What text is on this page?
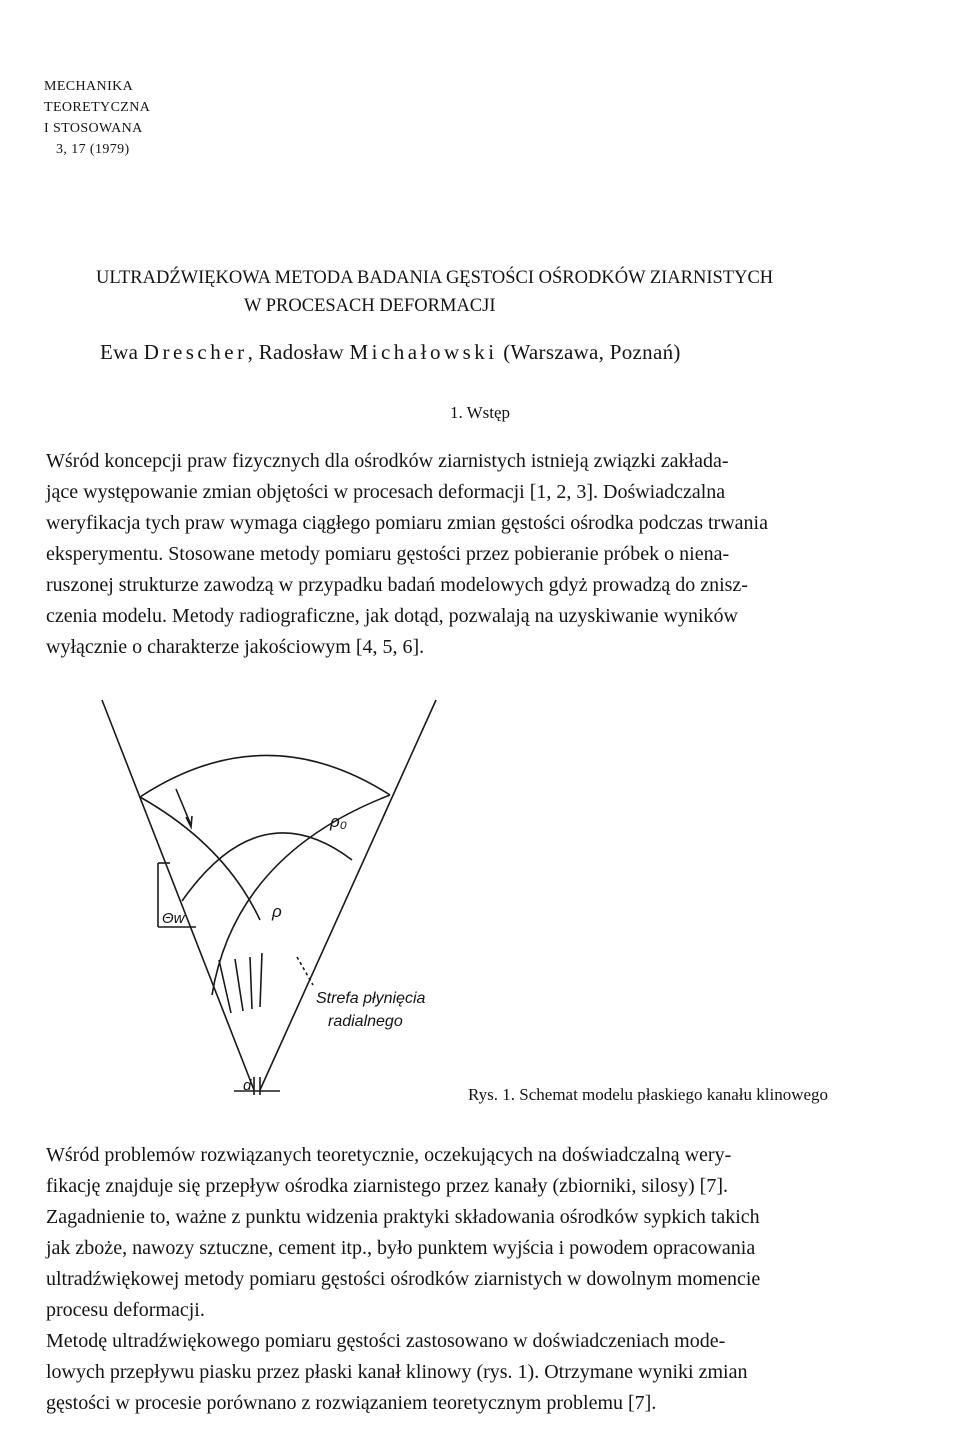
MECHANIKA
TEORETYCZNA
I STOSOWANA
3, 17 (1979)
ULTRADŹWIĘKOWA METODA BADANIA GĘSTOŚCI OŚRODKÓW ZIARNISTYCH
W PROCESACH DEFORMACJI
Ewa Drescher, Radosław Michałowski (Warszawa, Poznań)
1. Wstęp
Wśród koncepcji praw fizycznych dla ośrodków ziarnistych istnieją związki zakłada-
jące występowanie zmian objętości w procesach deformacji [1, 2, 3]. Doświadczalna
weryfikacja tych praw wymaga ciągłego pomiaru zmian gęstości ośrodka podczas trwania
eksperymentu. Stosowane metody pomiaru gęstości przez pobieranie próbek o niena-
ruszonej strukturze zawodzą w przypadku badań modelowych gdyż prowadzą do znisz-
czenia modelu. Metody radiograficzne, jak dotąd, pozwalają na uzyskiwanie wyników
wyłącznie o charakterze jakościowym [4, 5, 6].
ρ₀
ρ
Θw
Strefa płynięcia
radialnego
d	Rys. 1. Schemat modelu płaskiego kanału klinowego
Wśród problemów rozwiązanych teoretycznie, oczekujących na doświadczalną wery-
fikację znajduje się przepływ ośrodka ziarnistego przez kanały (zbiorniki, silosy) [7].
Zagadnienie to, ważne z punktu widzenia praktyki składowania ośrodków sypkich takich
jak zboże, nawozy sztuczne, cement itp., było punktem wyjścia i powodem opracowania
ultradźwiękowej metody pomiaru gęstości ośrodków ziarnistych w dowolnym momencie
procesu deformacji.
Metodę ultradźwiękowego pomiaru gęstości zastosowano w doświadczeniach mode-
lowych przepływu piasku przez płaski kanał klinowy (rys. 1). Otrzymane wyniki zmian
gęstości w procesie porównano z rozwiązaniem teoretycznym problemu [7].
